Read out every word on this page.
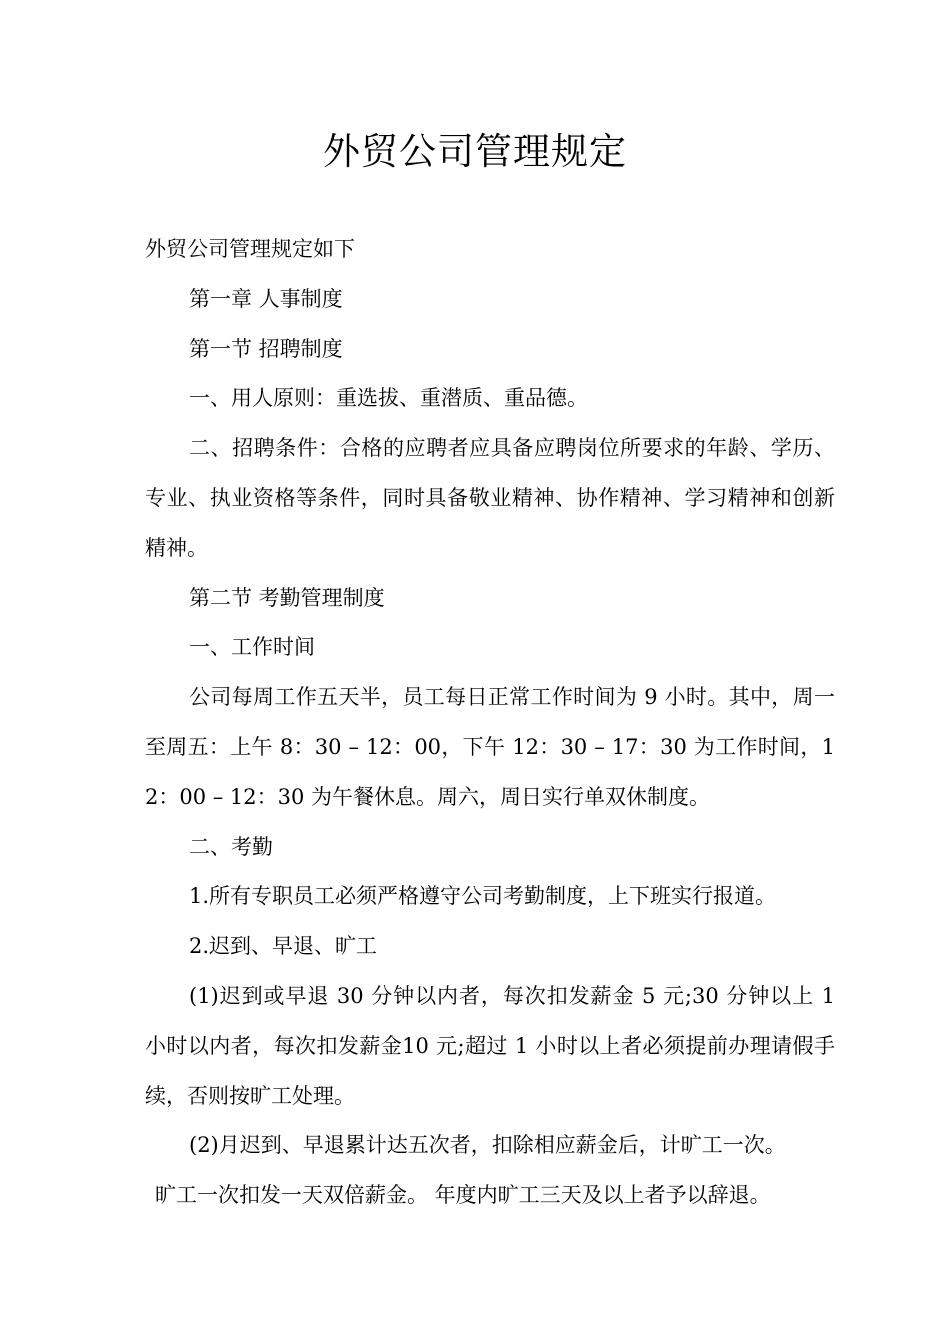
外贸公司管理规定

外贸公司管理规定如下

第一章 人事制度

第一节 招聘制度

一、用人原则：重选拔、重潜质、重品德。

二、招聘条件：合格的应聘者应具备应聘岗位所要求的年龄、学历、专业、执业资格等条件，同时具备敬业精神、协作精神、学习精神和创新精神。

第二节 考勤管理制度

一、工作时间

公司每周工作五天半，员工每日正常工作时间为 9 小时。其中，周一至周五：上午 8：30 – 12：00，下午 12：30 – 17：30 为工作时间，12：00 – 12：30 为午餐休息。周六，周日实行单双休制度。

二、考勤

1.所有专职员工必须严格遵守公司考勤制度，上下班实行报道。

2.迟到、早退、旷工

(1)迟到或早退 30 分钟以内者，每次扣发薪金 5 元;30 分钟以上 1 小时以内者，每次扣发薪金10 元;超过 1 小时以上者必须提前办理请假手续，否则按旷工处理。

(2)月迟到、早退累计达五次者，扣除相应薪金后，计旷工一次。

旷工一次扣发一天双倍薪金。 年度内旷工三天及以上者予以辞退。
